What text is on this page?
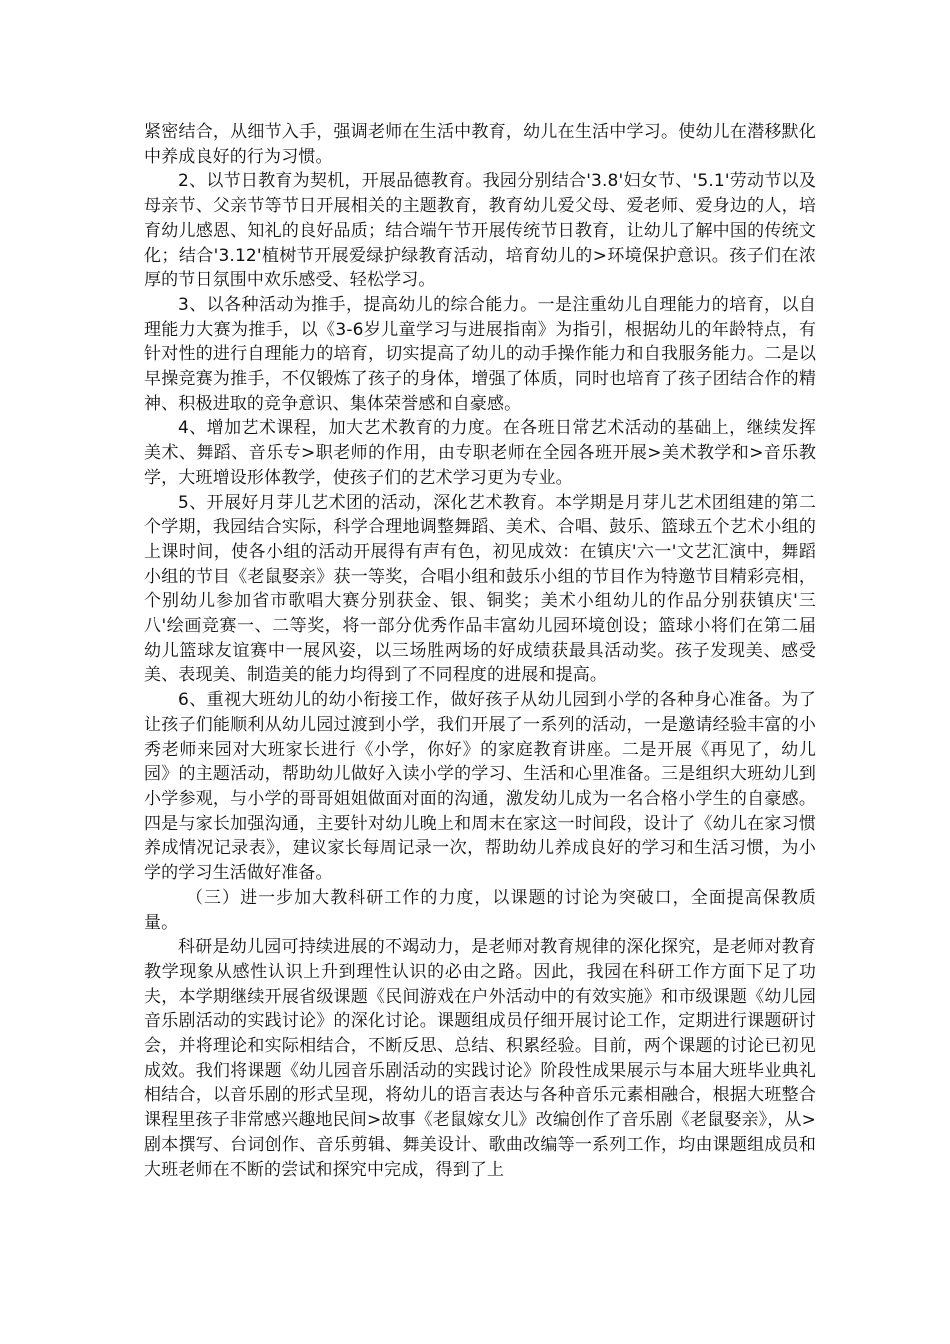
紧密结合，从细节入手，强调老师在生活中教育，幼儿在生活中学习。使幼儿在潜移默化中养成良好的行为习惯。

2、以节日教育为契机，开展品德教育。我园分别结合'3.8'妇女节、'5.1'劳动节以及母亲节、父亲节等节日开展相关的主题教育，教育幼儿爱父母、爱老师、爱身边的人，培育幼儿感恩、知礼的良好品质；结合端午节开展传统节日教育，让幼儿了解中国的传统文化；结合'3.12'植树节开展爱绿护绿教育活动，培育幼儿的>环境保护意识。孩子们在浓厚的节日氛围中欢乐感受、轻松学习。

3、以各种活动为推手，提高幼儿的综合能力。一是注重幼儿自理能力的培育，以自理能力大赛为推手，以《3-6岁儿童学习与进展指南》为指引，根据幼儿的年龄特点，有针对性的进行自理能力的培育，切实提高了幼儿的动手操作能力和自我服务能力。二是以早操竞赛为推手，不仅锻炼了孩子的身体，增强了体质，同时也培育了孩子团结合作的精神、积极进取的竞争意识、集体荣誉感和自豪感。

4、增加艺术课程，加大艺术教育的力度。在各班日常艺术活动的基础上，继续发挥美术、舞蹈、音乐专>职老师的作用，由专职老师在全园各班开展>美术教学和>音乐教学，大班增设形体教学，使孩子们的艺术学习更为专业。

5、开展好月芽儿艺术团的活动，深化艺术教育。本学期是月芽儿艺术团组建的第二个学期，我园结合实际，科学合理地调整舞蹈、美术、合唱、鼓乐、篮球五个艺术小组的上课时间，使各小组的活动开展得有声有色，初见成效：在镇庆'六一'文艺汇演中，舞蹈小组的节目《老鼠娶亲》获一等奖，合唱小组和鼓乐小组的节目作为特邀节目精彩亮相，个别幼儿参加省市歌唱大赛分别获金、银、铜奖；美术小组幼儿的作品分别获镇庆'三八'绘画竞赛一、二等奖，将一部分优秀作品丰富幼儿园环境创设；篮球小将们在第二届幼儿篮球友谊赛中一展风姿，以三场胜两场的好成绩获最具活动奖。孩子发现美、感受美、表现美、制造美的能力均得到了不同程度的进展和提高。

6、重视大班幼儿的幼小衔接工作，做好孩子从幼儿园到小学的各种身心准备。为了让孩子们能顺利从幼儿园过渡到小学，我们开展了一系列的活动，一是邀请经验丰富的小秀老师来园对大班家长进行《小学，你好》的家庭教育讲座。二是开展《再见了，幼儿园》的主题活动，帮助幼儿做好入读小学的学习、生活和心里准备。三是组织大班幼儿到小学参观，与小学的哥哥姐姐做面对面的沟通，激发幼儿成为一名合格小学生的自豪感。四是与家长加强沟通，主要针对幼儿晚上和周末在家这一时间段，设计了《幼儿在家习惯养成情况记录表》，建议家长每周记录一次，帮助幼儿养成良好的学习和生活习惯，为小学的学习生活做好准备。

（三）进一步加大教科研工作的力度，以课题的讨论为突破口，全面提高保教质量。

科研是幼儿园可持续进展的不竭动力，是老师对教育规律的深化探究，是老师对教育教学现象从感性认识上升到理性认识的必由之路。因此，我园在科研工作方面下足了功夫，本学期继续开展省级课题《民间游戏在户外活动中的有效实施》和市级课题《幼儿园音乐剧活动的实践讨论》的深化讨论。课题组成员仔细开展讨论工作，定期进行课题研讨会，并将理论和实际相结合，不断反思、总结、积累经验。目前，两个课题的讨论已初见成效。我们将课题《幼儿园音乐剧活动的实践讨论》阶段性成果展示与本届大班毕业典礼相结合，以音乐剧的形式呈现，将幼儿的语言表达与各种音乐元素相融合，根据大班整合课程里孩子非常感兴趣地民间>故事《老鼠嫁女儿》改编创作了音乐剧《老鼠娶亲》，从>剧本撰写、台词创作、音乐剪辑、舞美设计、歌曲改编等一系列工作，均由课题组成员和大班老师在不断的尝试和探究中完成，得到了上
